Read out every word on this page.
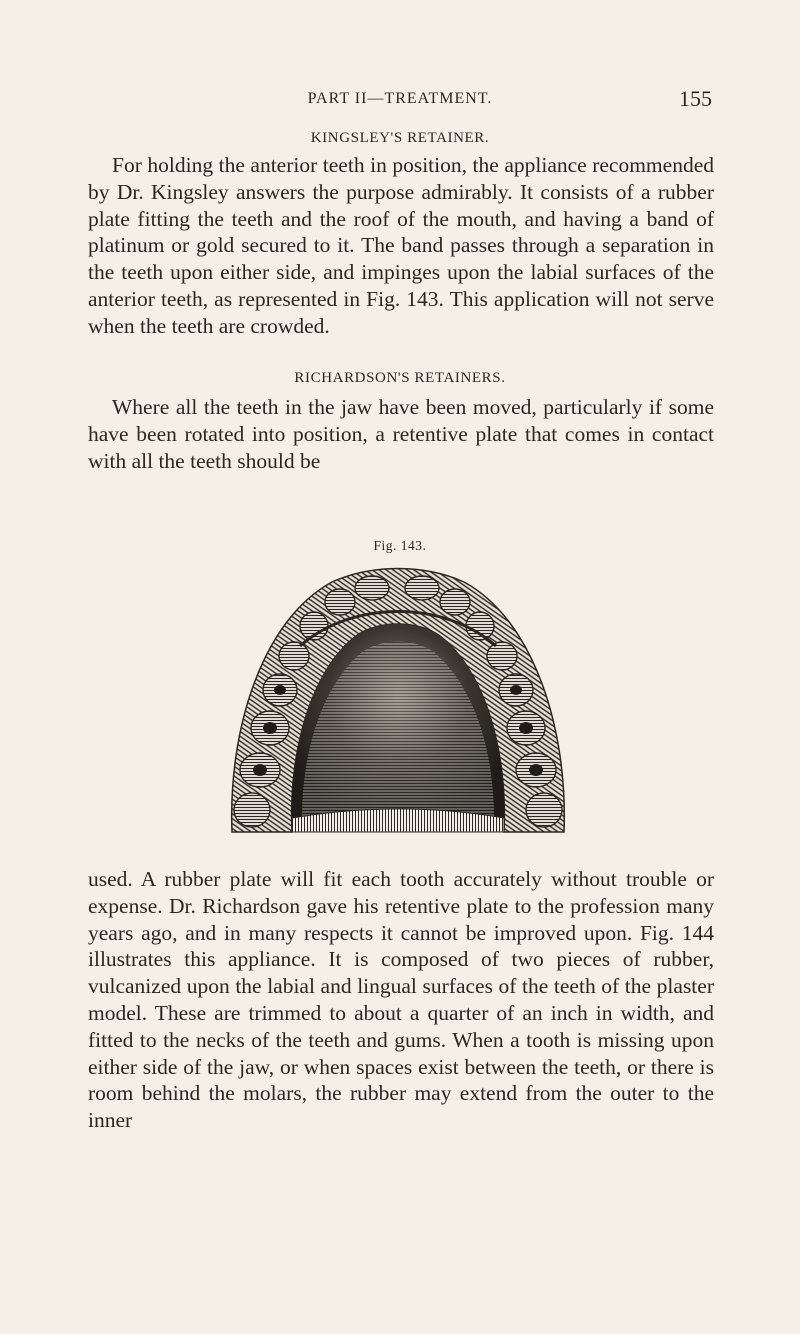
PART II—TREATMENT.	155
KINGSLEY'S RETAINER.

For holding the anterior teeth in position, the appliance recommended by Dr. Kingsley answers the purpose admirably. It consists of a rubber plate fitting the teeth and the roof of the mouth, and having a band of platinum or gold secured to it. The band passes through a separation in the teeth upon either side, and impinges upon the labial surfaces of the anterior teeth, as represented in Fig. 143. This application will not serve when the teeth are crowded.

RICHARDSON'S RETAINERS.

Where all the teeth in the jaw have been moved, particularly if some have been rotated into position, a retentive plate that comes in contact with all the teeth should be

Fig. 143.

used. A rubber plate will fit each tooth accurately without trouble or expense. Dr. Richardson gave his retentive plate to the profession many years ago, and in many respects it cannot be improved upon. Fig. 144 illustrates this appliance. It is composed of two pieces of rubber, vulcanized upon the labial and lingual surfaces of the teeth of the plaster model. These are trimmed to about a quarter of an inch in width, and fitted to the necks of the teeth and gums. When a tooth is missing upon either side of the jaw, or when spaces exist between the teeth, or there is room behind the molars, the rubber may extend from the outer to the inner
